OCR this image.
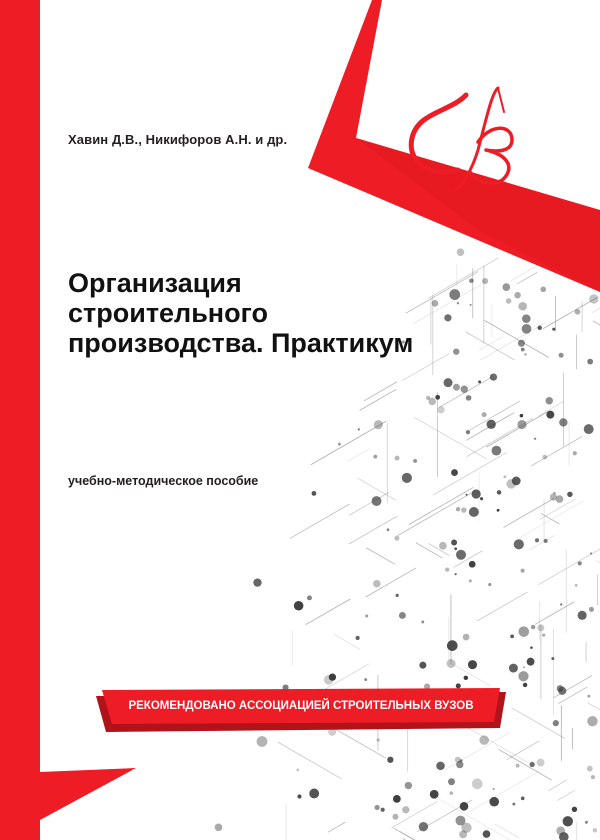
Хавин Д.В., Никифоров А.Н. и др.
Организация
строительного
производства. Практикум
учебно-методическое пособие
РЕКОМЕНДОВАНО АССОЦИАЦИЕЙ СТРОИТЕЛЬНЫХ ВУЗОВ
